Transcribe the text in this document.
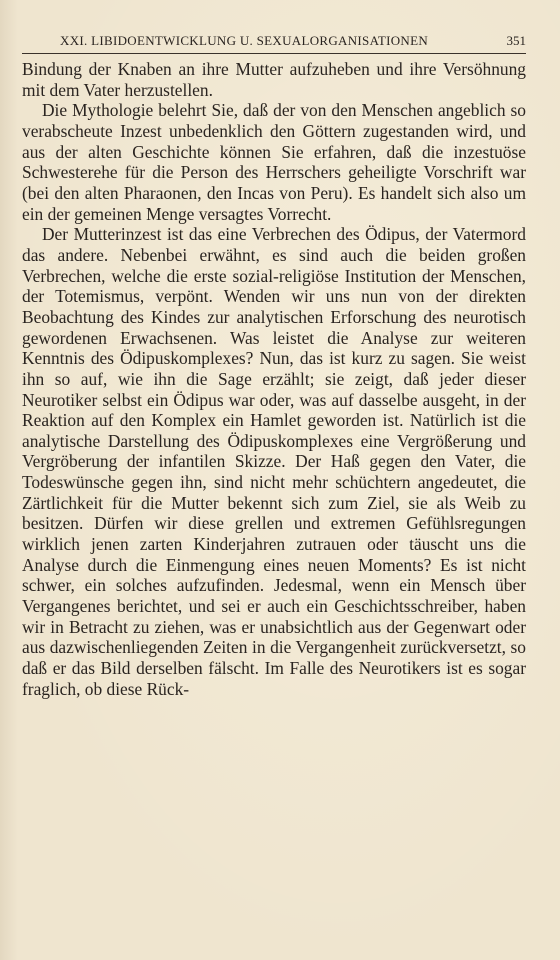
XXI. LIBIDOENTWICKLUNG U. SEXUALORGANISATIONEN	351

Bindung der Knaben an ihre Mutter aufzuheben und ihre Versöhnung mit dem Vater herzustellen.

Die Mythologie belehrt Sie, daß der von den Menschen angeblich so verabscheute Inzest unbedenklich den Göttern zugestanden wird, und aus der alten Geschichte können Sie erfahren, daß die inzestuöse Schwesterehe für die Person des Herrschers geheiligte Vorschrift war (bei den alten Pharaonen, den Incas von Peru). Es handelt sich also um ein der gemeinen Menge versagtes Vorrecht.

Der Mutterinzest ist das eine Verbrechen des Ödipus, der Vatermord das andere. Nebenbei erwähnt, es sind auch die beiden großen Verbrechen, welche die erste sozial-religiöse Institution der Menschen, der Totemismus, verpönt. Wenden wir uns nun von der direkten Beobachtung des Kindes zur analytischen Erforschung des neurotisch gewordenen Erwachsenen. Was leistet die Analyse zur weiteren Kenntnis des Ödipuskomplexes? Nun, das ist kurz zu sagen. Sie weist ihn so auf, wie ihn die Sage erzählt; sie zeigt, daß jeder dieser Neurotiker selbst ein Ödipus war oder, was auf dasselbe ausgeht, in der Reaktion auf den Komplex ein Hamlet geworden ist. Natürlich ist die analytische Darstellung des Ödipuskomplexes eine Vergrößerung und Vergröberung der infantilen Skizze. Der Haß gegen den Vater, die Todeswünsche gegen ihn, sind nicht mehr schüchtern angedeutet, die Zärtlichkeit für die Mutter bekennt sich zum Ziel, sie als Weib zu besitzen. Dürfen wir diese grellen und extremen Gefühlsregungen wirklich jenen zarten Kinderjahren zutrauen oder täuscht uns die Analyse durch die Einmengung eines neuen Moments? Es ist nicht schwer, ein solches aufzufinden. Jedesmal, wenn ein Mensch über Vergangenes berichtet, und sei er auch ein Geschichtsschreiber, haben wir in Betracht zu ziehen, was er unabsichtlich aus der Gegenwart oder aus dazwischenliegenden Zeiten in die Vergangenheit zurückversetzt, so daß er das Bild derselben fälscht. Im Falle des Neurotikers ist es sogar fraglich, ob diese Rück-
